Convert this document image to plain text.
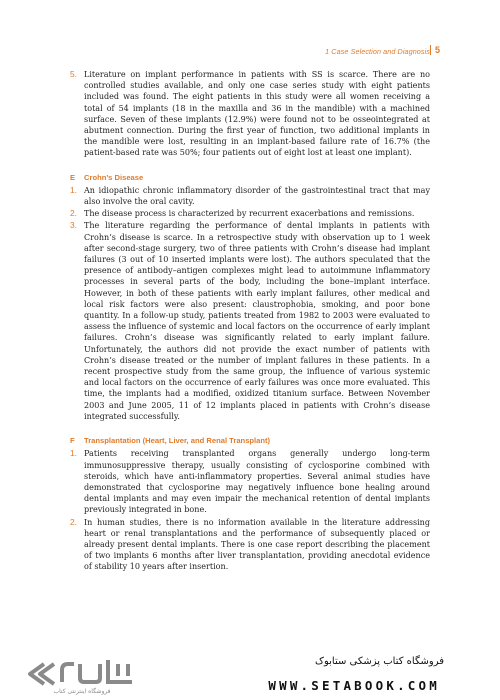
1 Case Selection and Diagnosis 5
5. Literature on implant performance in patients with SS is scarce. There are no controlled studies available, and only one case series study with eight patients included was found. The eight patients in this study were all women receiving a total of 54 implants (18 in the maxilla and 36 in the mandible) with a machined surface. Seven of these implants (12.9%) were found not to be osseointegrated at abutment connection. During the first year of function, two additional implants in the mandible were lost, resulting in an implant-based failure rate of 16.7% (the patient-based rate was 50%; four patients out of eight lost at least one implant).
E Crohn’s Disease
1. An idiopathic chronic inflammatory disorder of the gastrointestinal tract that may also involve the oral cavity.
2. The disease process is characterized by recurrent exacerbations and remissions.
3. The literature regarding the performance of dental implants in patients with Crohn’s disease is scarce. In a retrospective study with observation up to 1 week after second-stage surgery, two of three patients with Crohn’s disease had implant failures (3 out of 10 inserted implants were lost). The authors speculated that the presence of antibody–antigen complexes might lead to autoimmune inflammatory processes in several parts of the body, including the bone–implant interface. However, in both of these patients with early implant failures, other medical and local risk factors were also present: claustrophobia, smoking, and poor bone quantity. In a follow-up study, patients treated from 1982 to 2003 were evaluated to assess the influence of systemic and local factors on the occurrence of early implant failures. Crohn’s disease was significantly related to early implant failure. Unfortunately, the authors did not provide the exact number of patients with Crohn’s disease treated or the number of implant failures in these patients. In a recent prospective study from the same group, the influence of various systemic and local factors on the occurrence of early failures was once more evaluated. This time, the implants had a modified, oxidized titanium surface. Between November 2003 and June 2005, 11 of 12 implants placed in patients with Crohn’s disease integrated successfully.
F Transplantation (Heart, Liver, and Renal Transplant)
1. Patients receiving transplanted organs generally undergo long-term immunosuppressive therapy, usually consisting of cyclosporine combined with steroids, which have anti-inflammatory properties. Several animal studies have demonstrated that cyclosporine may negatively influence bone healing around dental implants and may even impair the mechanical retention of dental implants previously integrated in bone.
2. In human studies, there is no information available in the literature addressing heart or renal transplantations and the performance of subsequently placed or already present dental implants. There is one case report describing the placement of two implants 6 months after liver transplantation, providing anecdotal evidence of stability 10 years after insertion.
فروشگاه اینترنتی کتاب
فروشگاه کتاب پزشکی ستابوک
WWW.SETABOOK.COM
